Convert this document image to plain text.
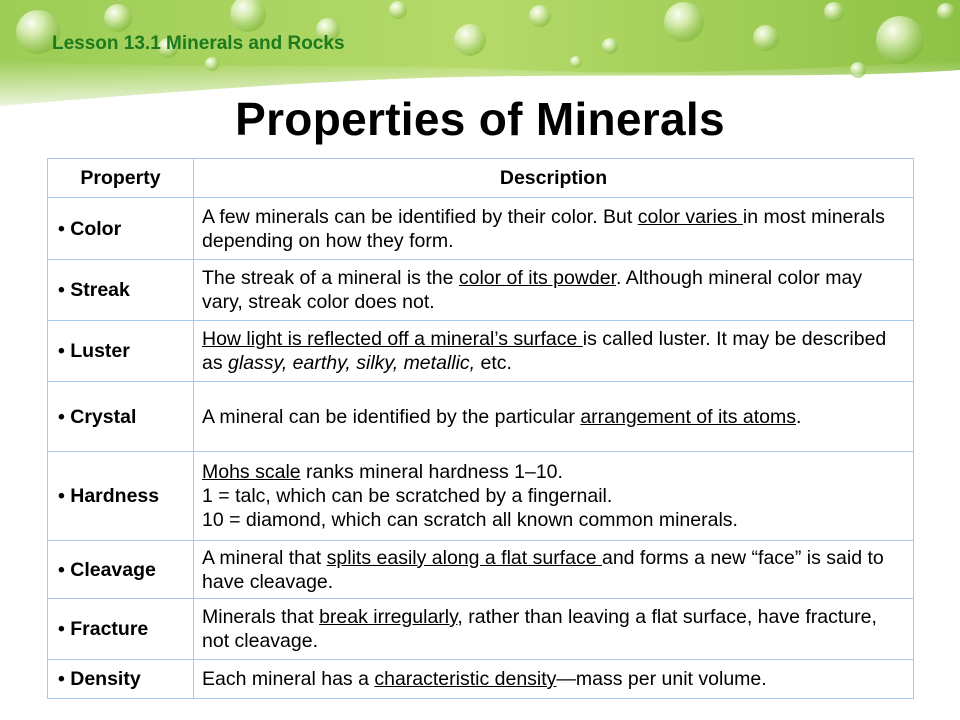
Lesson 13.1 Minerals and Rocks
Properties of Minerals
Property	Description
• Color	A few minerals can be identified by their color. But color varies in most minerals depending on how they form.
• Streak	The streak of a mineral is the color of its powder. Although mineral color may vary, streak color does not.
• Luster	How light is reflected off a mineral’s surface is called luster. It may be described as glassy, earthy, silky, metallic, etc.
• Crystal	A mineral can be identified by the particular arrangement of its atoms.
• Hardness	Mohs scale ranks mineral hardness 1–10.
1 = talc, which can be scratched by a fingernail.
10 = diamond, which can scratch all known common minerals.
• Cleavage	A mineral that splits easily along a flat surface and forms a new “face” is said to have cleavage.
• Fracture	Minerals that break irregularly, rather than leaving a flat surface, have fracture, not cleavage.
• Density	Each mineral has a characteristic density—mass per unit volume.
